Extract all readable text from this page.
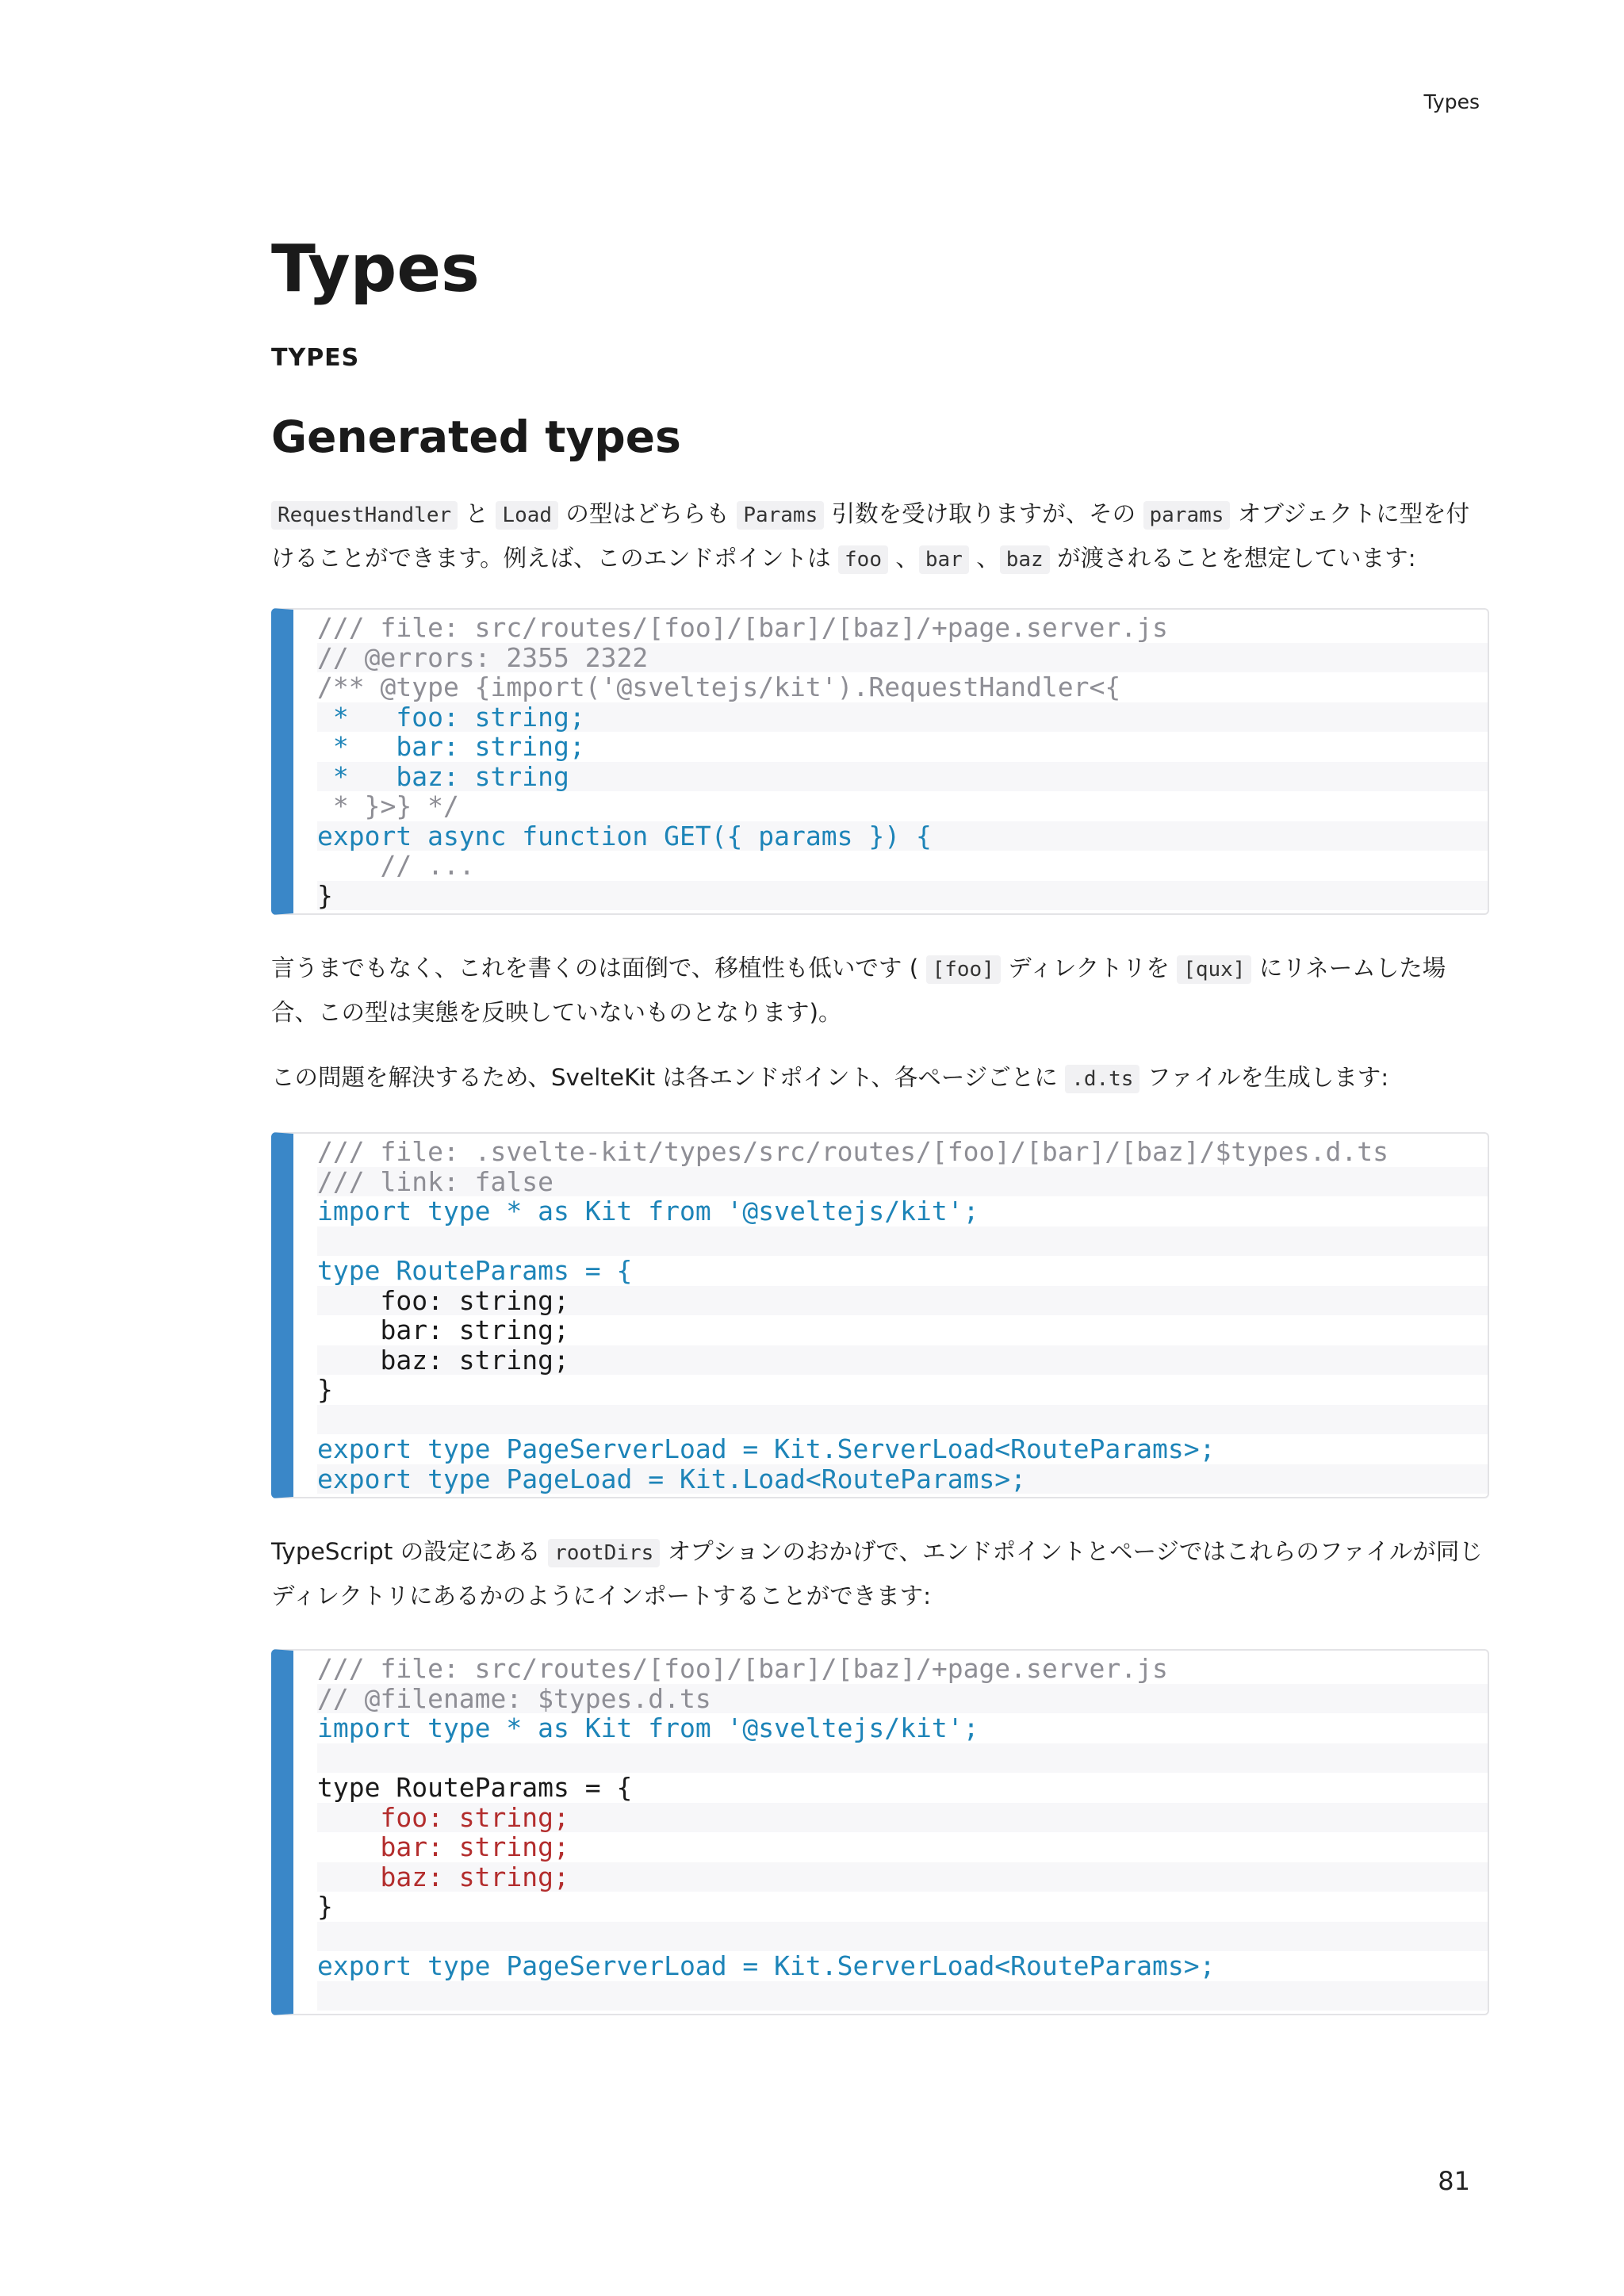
Types
Types
TYPES
Generated types

RequestHandler と Load の型はどちらも Params 引数を受け取りますが、その params オブジェクトに型を付けることができます。例えば、このエンドポイントは foo 、 bar 、 baz が渡されることを想定しています:

/// file: src/routes/[foo]/[bar]/[baz]/+page.server.js
// @errors: 2355 2322
/** @type {import('@sveltejs/kit').RequestHandler<{
*   foo: string;
*   bar: string;
*   baz: string
* }>} */
export async function GET({ params }) {
// ...
}

言うまでもなく、これを書くのは面倒で、移植性も低いです ( [foo] ディレクトリを [qux] にリネームした場合、この型は実態を反映していないものとなります)。

この問題を解決するため、SvelteKit は各エンドポイント、各ページごとに .d.ts ファイルを生成します:

/// file: .svelte-kit/types/src/routes/[foo]/[bar]/[baz]/$types.d.ts
/// link: false
import type * as Kit from '@sveltejs/kit';
type RouteParams = {
foo: string;
bar: string;
baz: string;
}
export type PageServerLoad = Kit.ServerLoad<RouteParams>;
export type PageLoad = Kit.Load<RouteParams>;

TypeScript の設定にある rootDirs オプションのおかげで、エンドポイントとページではこれらのファイルが同じディレクトリにあるかのようにインポートすることができます:

/// file: src/routes/[foo]/[bar]/[baz]/+page.server.js
// @filename: $types.d.ts
import type * as Kit from '@sveltejs/kit';
type RouteParams = {
foo: string;
bar: string;
baz: string;
}
export type PageServerLoad = Kit.ServerLoad<RouteParams>;
81
